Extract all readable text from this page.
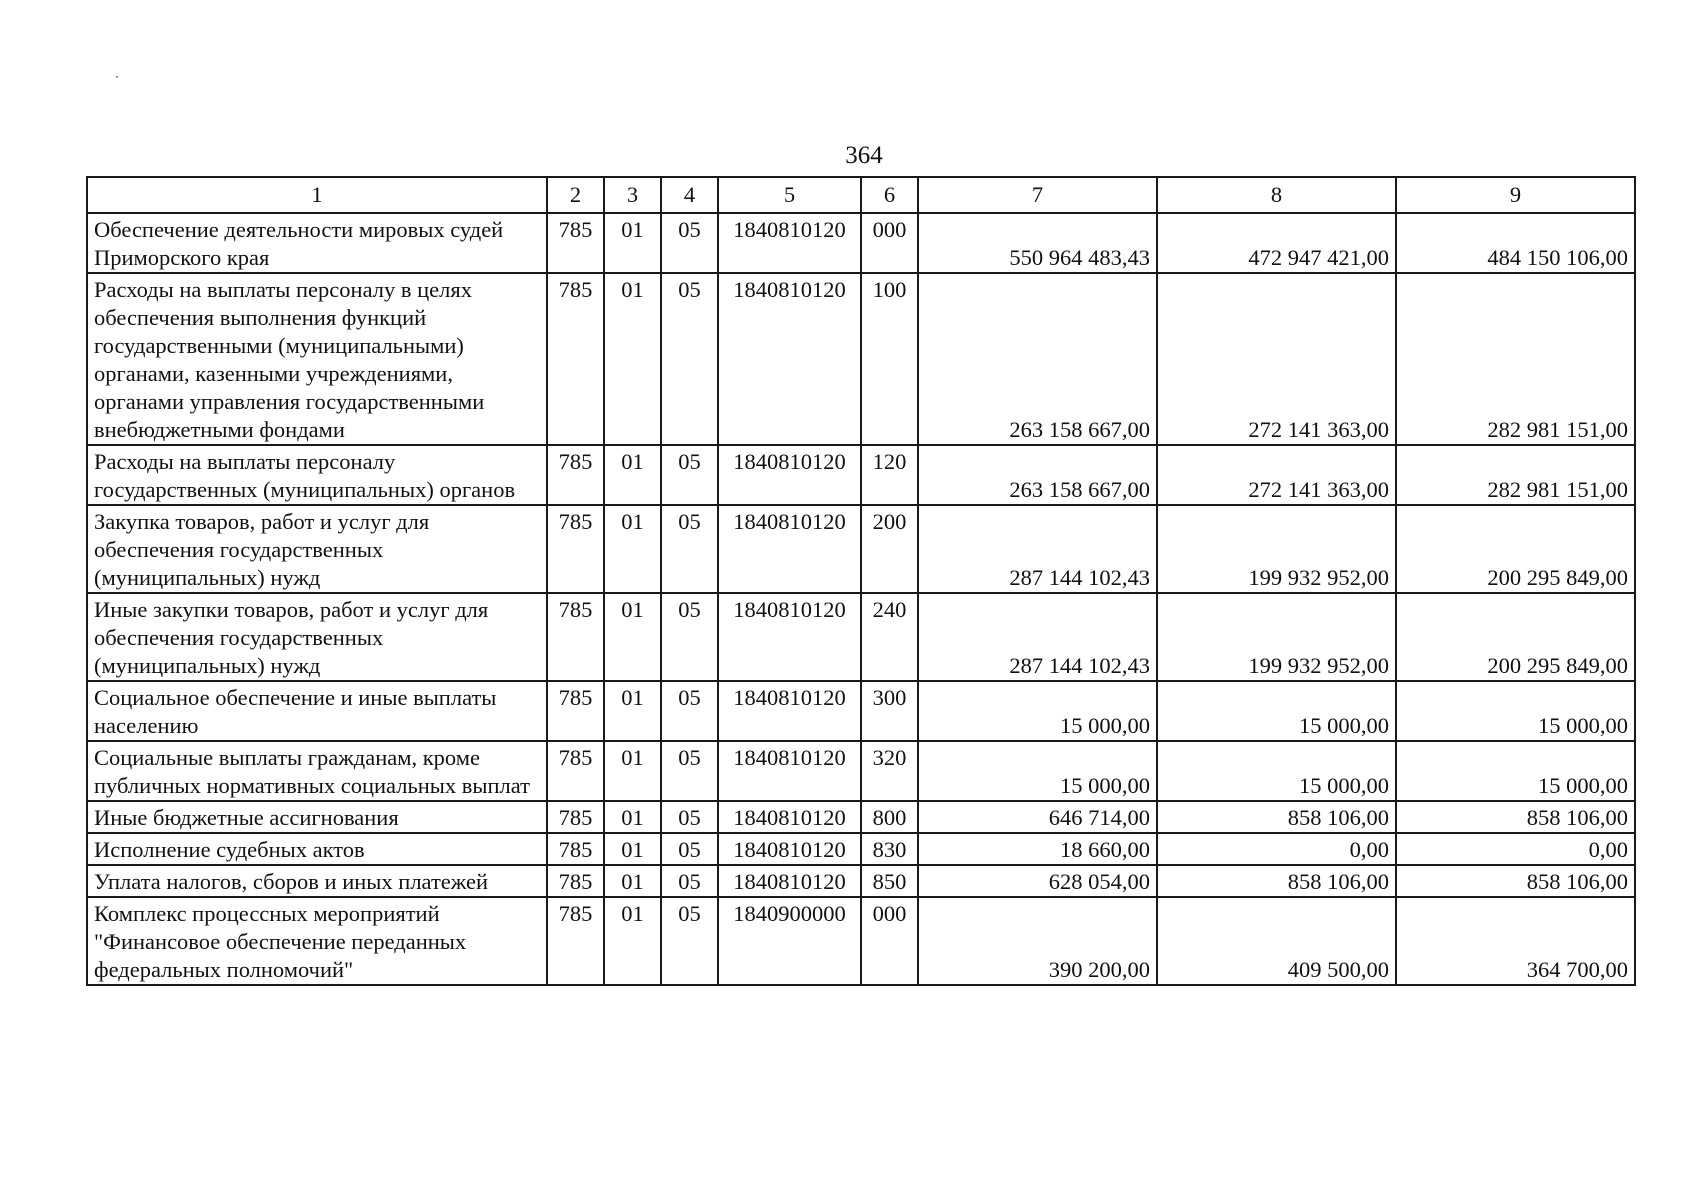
364
1	2	3	4	5	6	7	8	9
Обеспечение деятельности мировых судей Приморского края	785	01	05	1840810120	000	550 964 483,43	472 947 421,00	484 150 106,00
Расходы на выплаты персоналу в целях обеспечения выполнения функций государственными (муниципальными) органами, казенными учреждениями, органами управления государственными внебюджетными фондами	785	01	05	1840810120	100	263 158 667,00	272 141 363,00	282 981 151,00
Расходы на выплаты персоналу государственных (муниципальных) органов	785	01	05	1840810120	120	263 158 667,00	272 141 363,00	282 981 151,00
Закупка товаров, работ и услуг для обеспечения государственных (муниципальных) нужд	785	01	05	1840810120	200	287 144 102,43	199 932 952,00	200 295 849,00
Иные закупки товаров, работ и услуг для обеспечения государственных (муниципальных) нужд	785	01	05	1840810120	240	287 144 102,43	199 932 952,00	200 295 849,00
Социальное обеспечение и иные выплаты населению	785	01	05	1840810120	300	15 000,00	15 000,00	15 000,00
Социальные выплаты гражданам, кроме публичных нормативных социальных выплат	785	01	05	1840810120	320	15 000,00	15 000,00	15 000,00
Иные бюджетные ассигнования	785	01	05	1840810120	800	646 714,00	858 106,00	858 106,00
Исполнение судебных актов	785	01	05	1840810120	830	18 660,00	0,00	0,00
Уплата налогов, сборов и иных платежей	785	01	05	1840810120	850	628 054,00	858 106,00	858 106,00
Комплекс процессных мероприятий "Финансовое обеспечение переданных федеральных полномочий"	785	01	05	1840900000	000	390 200,00	409 500,00	364 700,00
